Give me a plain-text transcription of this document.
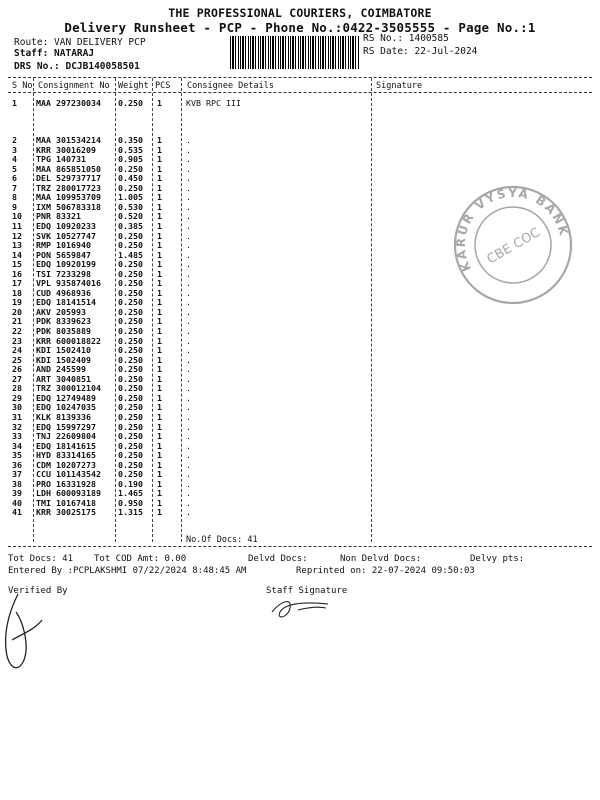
THE PROFESSIONAL COURIERS, COIMBATORE
Delivery Runsheet - PCP - Phone No.:0422-3505555 - Page No.:1
Route: VAN DELIVERY PCP
Staff: NATARAJ
DRS No.: DCJB140058501
RS No.: 1400585
RS Date: 22-Jul-2024
S No Consignment No Weight PCS Consignee Details	Signature
1 MAA 297230034 0.250 1	KVB RPC III
2 MAA 301534214 0.350 1	.
3 KRR 30016209	0.535 1	.
4 TPG 140731	0.905 1	.
5 MAA 865851050 0.250 1	.
6 DEL 529737717 0.450 1	.
7 TRZ 280017723 0.250 1	.
8 MAA 109953709 1.005 1	.
9 IXM 506783318 0.530 1	.
10 PNR 83321	0.520 1	.
11 EDQ 10920233	0.385 1	.
12 SVK 10527747	0.250 1	.
13 RMP 1016940	0.250 1	.
14 PON 5659847	1.485 1	.
15 EDQ 10920199	0.250 1	.
16 TSI 7233298	0.250 1	.
17 VPL 935874016 0.250 1	.
18 CUD 4968936	0.250 1	.
19 EDQ 18141514	0.250 1	.
20 AKV 205993	0.250 1	.
21 PDK 8339623	0.250 1	.
22 PDK 8035889	0.250 1	.
23 KRR 600018822 0.250 1	.
24 KDI 1502410	0.250 1	.
25 KDI 1502409	0.250 1	.
26 AND 245599	0.250 1	.
27 ART 3040851	0.250 1	.
28 TRZ 300012104 0.250 1	.
29 EDQ 12749489	0.250 1	.
30 EDQ 10247035	0.250 1	.
31 KLK 8139336	0.250 1	.
32 EDQ 15997297	0.250 1	.
33 TNJ 22609804	0.250 1	.
34 EDQ 18141615	0.250 1	.
35 HYD 83314165	0.250 1	.
36 CDM 10207273	0.250 1	.
37 CCU 101143542 0.250 1	.
38 PRO 16331928	0.190 1	.
39 LDH 600093189 1.465 1	.
40 TMI 10167418	0.950 1	.
41 KRR 30025175	1.315 1	.
No.Of Docs: 41
KARUR VYSYA BANK
CBE COC
Tot Docs: 41 Tot COD Amt: 0.00	Delvd Docs:	Non Delvd Docs:	Delvy pts:
Entered By :PCPLAKSHMI 07/22/2024 8:48:45 AM	Reprinted on: 22-07-2024 09:50:03
Verified By	Staff Signature
